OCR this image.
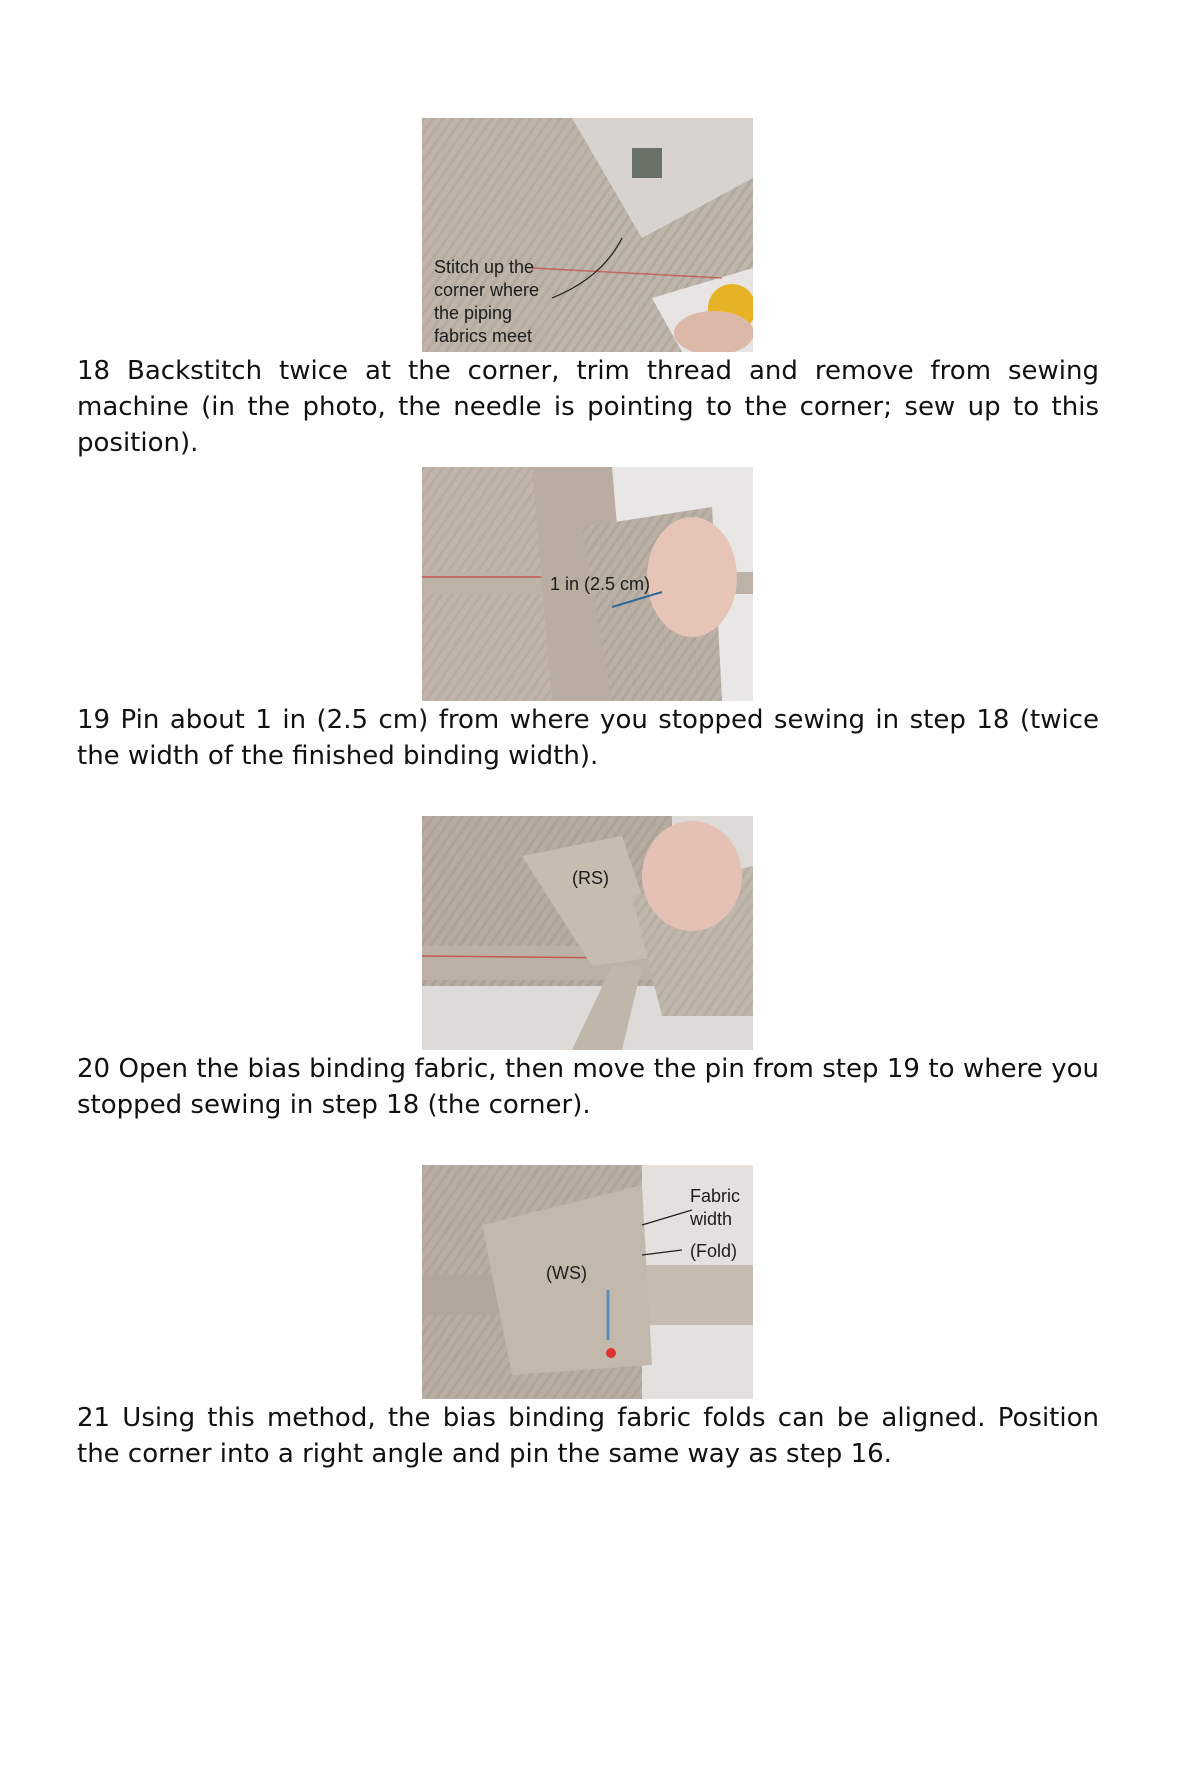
Stitch up the
corner where
the piping
fabrics meet

18 Backstitch twice at the corner, trim thread and remove from sewing machine (in the photo, the needle is pointing to the corner; sew up to this position).

1 in (2.5 cm)

19 Pin about 1 in (2.5 cm) from where you stopped sewing in step 18 (twice the width of the finished binding width).

(RS)

20 Open the bias binding fabric, then move the pin from step 19 to where you stopped sewing in step 18 (the corner).

Fabric
width
(Fold)
(WS)

21 Using this method, the bias binding fabric folds can be aligned. Position the corner into a right angle and pin the same way as step 16.
